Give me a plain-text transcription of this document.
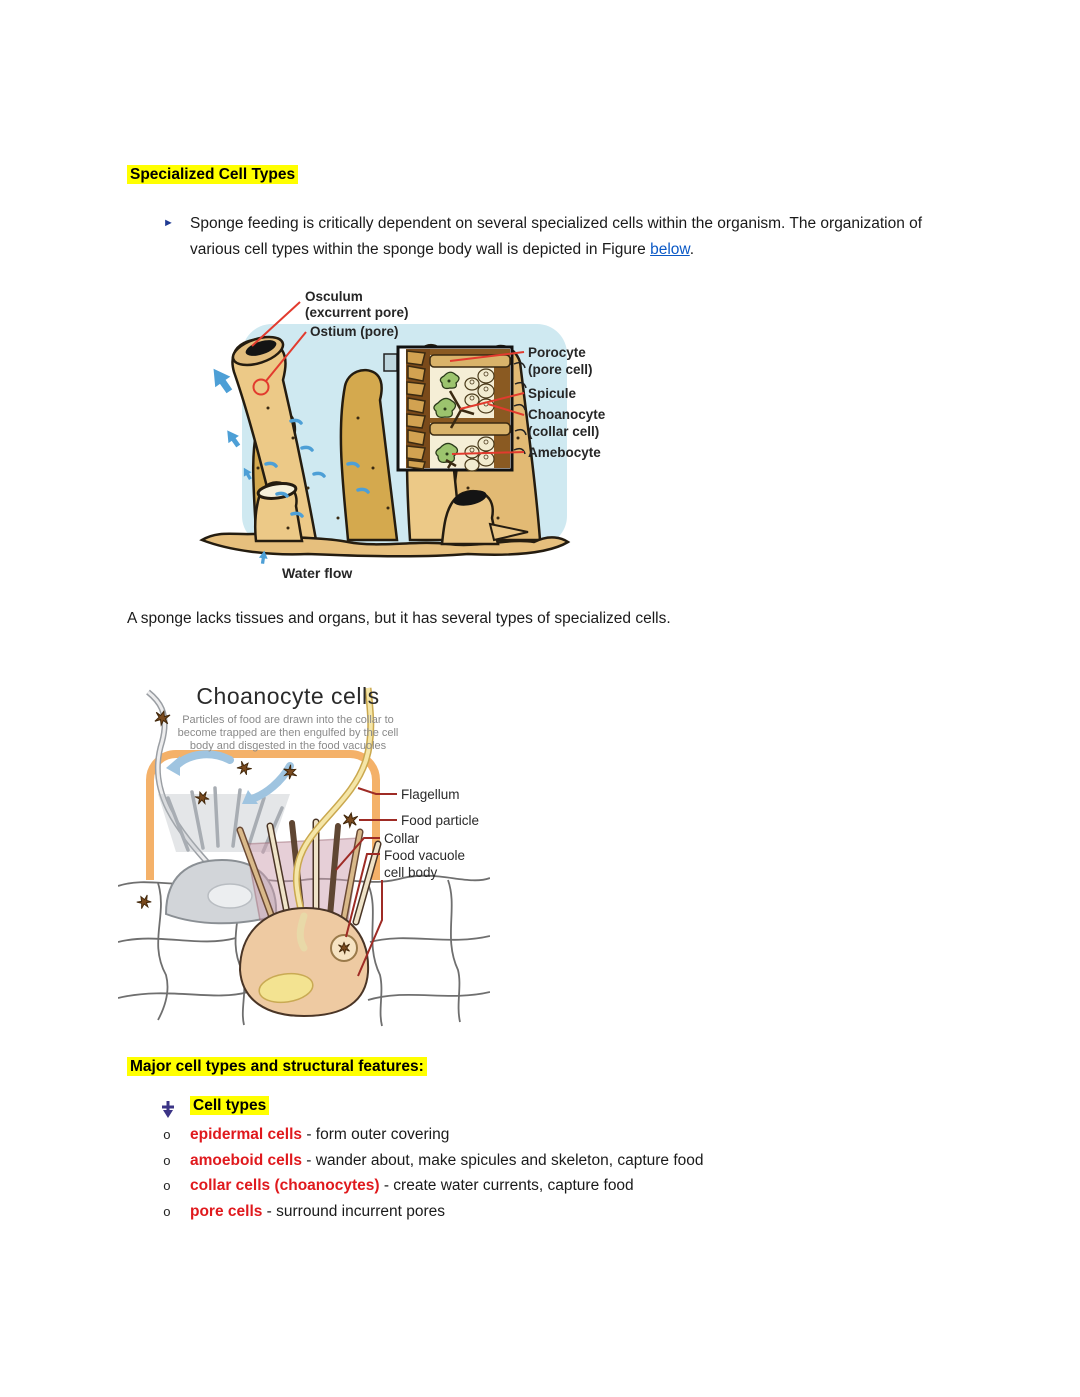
Specialized Cell Types
► Sponge feeding is critically dependent on several specialized cells within the organism. The organization of various cell types within the sponge body wall is depicted in Figure below.
Osculum
(excurrent pore)
Ostium (pore)
Porocyte
(pore cell)
Spicule
Choanocyte
(collar cell)
Amebocyte
Water flow
A sponge lacks tissues and organs, but it has several types of specialized cells.
Choanocyte cells
Particles of food are drawn into the collar to
become trapped are then engulfed by the cell
body and disgested in the food vacuoles
Flagellum
Food particle
Collar
Food vacuole
cell body
Major cell types and structural features:
Cell types
o	epidermal cells - form outer covering
o	amoeboid cells - wander about, make spicules and skeleton, capture food
o	collar cells (choanocytes) - create water currents, capture food
o	pore cells - surround incurrent pores
